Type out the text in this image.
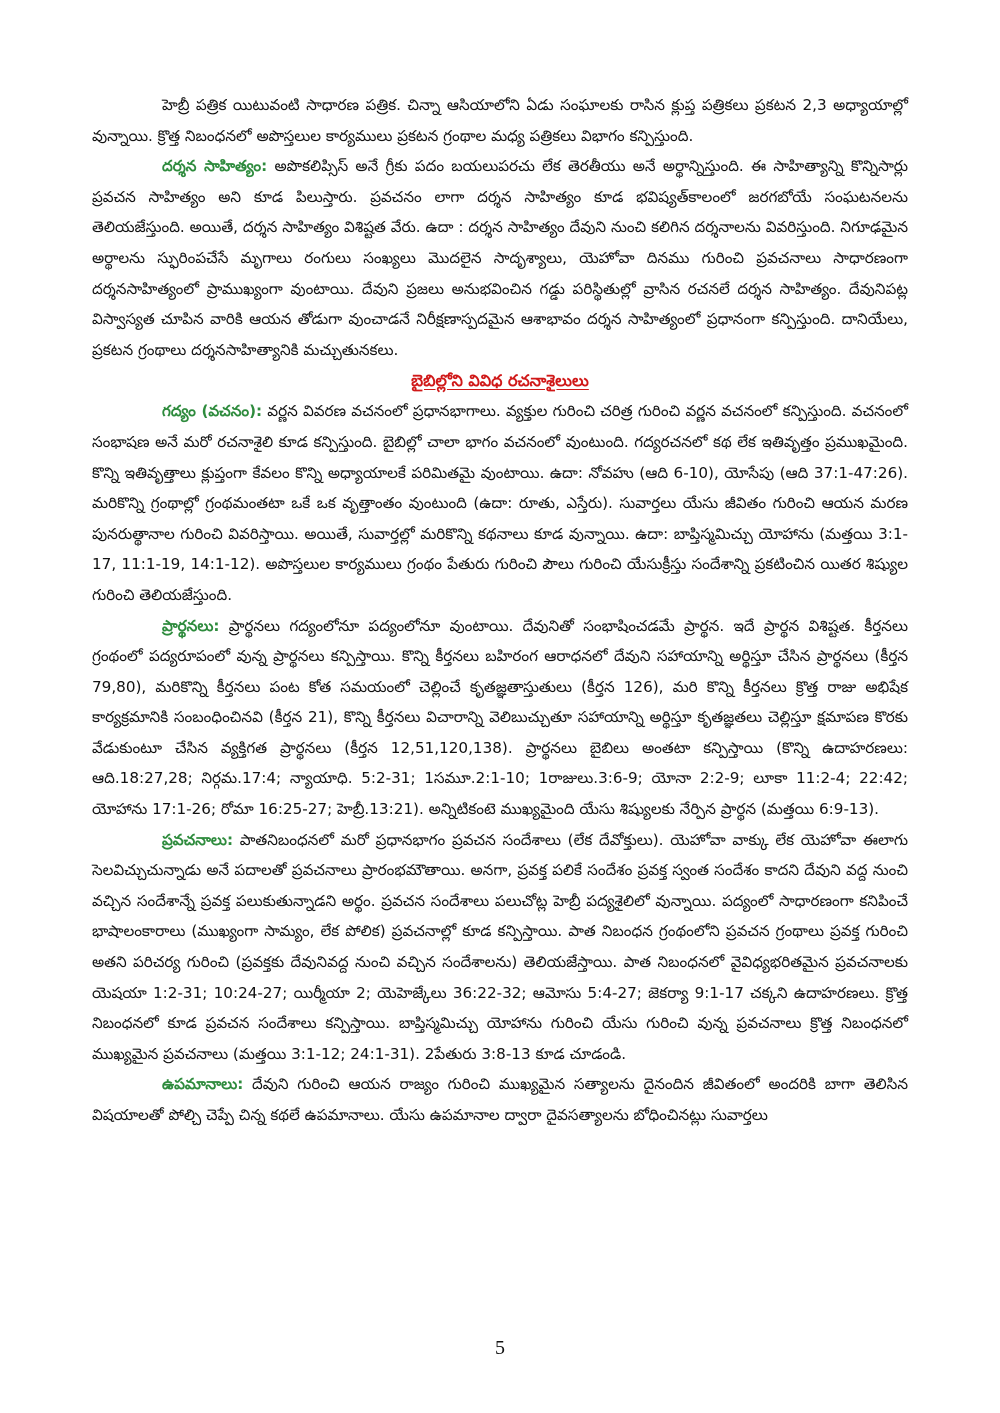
హెబ్రీ పత్రిక యిటువంటి సాధారణ పత్రిక. చిన్నా ఆసియాలోని ఏడు సంఘాలకు రాసిన క్లుప్త పత్రికలు ప్రకటన 2,3 అధ్యాయాల్లో వున్నాయి. క్రొత్త నిబంధనలో అపొస్తలుల కార్యములు ప్రకటన గ్రంథాల మధ్య పత్రికలు విభాగం కన్పిస్తుంది.

దర్శన సాహిత్యం: అపొకలిప్సిస్ అనే గ్రీకు పదం బయలుపరచు లేక తెరతీయు అనే అర్థాన్నిస్తుంది. ఈ సాహిత్యాన్ని కొన్నిసార్లు ప్రవచన సాహిత్యం అని కూడ పిలుస్తారు. ప్రవచనం లాగా దర్శన సాహిత్యం కూడ భవిష్యత్‌కాలంలో జరగబోయే సంఘటనలను తెలియజేస్తుంది. అయితే, దర్శన సాహిత్యం విశిష్టత వేరు. ఉదా : దర్శన సాహిత్యం దేవుని నుంచి కలిగిన దర్శనాలను వివరిస్తుంది. నిగూఢమైన అర్థాలను స్ఫురింపచేసే మృగాలు రంగులు సంఖ్యలు మొదలైన సాదృశ్యాలు, యెహోవా దినము గురించి ప్రవచనాలు సాధారణంగా దర్శనసాహిత్యంలో ప్రాముఖ్యంగా వుంటాయి. దేవుని ప్రజలు అనుభవించిన గడ్డు పరిస్థితుల్లో వ్రాసిన రచనలే దర్శన సాహిత్యం. దేవునిపట్ల విస్వాస్యత చూపిన వారికి ఆయన తోడుగా వుంచాడనే నిరీక్షణాస్పదమైన ఆశాభావం దర్శన సాహిత్యంలో ప్రధానంగా కన్పిస్తుంది. దానియేలు, ప్రకటన గ్రంథాలు దర్శనసాహిత్యానికి మచ్చుతునకలు.

బైబిల్లోని వివిధ రచనాశైలులు

గద్యం (వచనం): వర్ణన వివరణ వచనంలో ప్రధానభాగాలు. వ్యక్తుల గురించి చరిత్ర గురించి వర్ణన వచనంలో కన్పిస్తుంది. వచనంలో సంభాషణ అనే మరో రచనాశైలి కూడ కన్పిస్తుంది. బైబిల్లో చాలా భాగం వచనంలో వుంటుంది. గద్యరచనలో కథ లేక ఇతివృత్తం ప్రముఖమైంది. కొన్ని ఇతివృత్తాలు క్లుప్తంగా కేవలం కొన్ని అధ్యాయాలకే పరిమితమై వుంటాయి. ఉదా: నోవహు (ఆది 6-10), యోసేపు (ఆది 37:1-47:26). మరికొన్ని గ్రంథాల్లో గ్రంథమంతటా ఒకే ఒక వృత్తాంతం వుంటుంది (ఉదా: రూతు, ఎస్తేరు). సువార్తలు యేసు జీవితం గురించి ఆయన మరణ పునరుత్థానాల గురించి వివరిస్తాయి. అయితే, సువార్తల్లో మరికొన్ని కథనాలు కూడ వున్నాయి. ఉదా: బాప్తిస్మమిచ్చు యోహాను (మత్తయి 3:1-17, 11:1-19, 14:1-12). అపొస్తలుల కార్యములు గ్రంథం పేతురు గురించి పౌలు గురించి యేసుక్రీస్తు సందేశాన్ని ప్రకటించిన యితర శిష్యుల గురించి తెలియజేస్తుంది.

ప్రార్థనలు: ప్రార్థనలు గద్యంలోనూ పద్యంలోనూ వుంటాయి. దేవునితో సంభాషించడమే ప్రార్థన. ఇదే ప్రార్థన విశిష్టత. కీర్తనలు గ్రంథంలో పద్యరూపంలో వున్న ప్రార్థనలు కన్పిస్తాయి. కొన్ని కీర్తనలు బహిరంగ ఆరాధనలో దేవుని సహాయాన్ని అర్థిస్తూ చేసిన ప్రార్థనలు (కీర్తన 79,80), మరికొన్ని కీర్తనలు పంట కోత సమయంలో చెల్లించే కృతజ్ఞతాస్తుతులు (కీర్తన 126), మరి కొన్ని కీర్తనలు క్రొత్త రాజు అభిషేక కార్యక్రమానికి సంబంధించినవి (కీర్తన 21), కొన్ని కీర్తనలు విచారాన్ని వెలిబుచ్చుతూ సహాయాన్ని అర్థిస్తూ కృతజ్ఞతలు చెల్లిస్తూ క్షమాపణ కొరకు వేడుకుంటూ చేసిన వ్యక్తిగత ప్రార్థనలు (కీర్తన 12,51,120,138). ప్రార్థనలు బైబిలు అంతటా కన్పిస్తాయి (కొన్ని ఉదాహరణలు: ఆది.18:27,28; నిర్గమ.17:4; న్యాయాధి. 5:2-31; 1సమూ.2:1-10; 1రాజులు.3:6-9; యోనా 2:2-9; లూకా 11:2-4; 22:42; యోహాను 17:1-26; రోమా 16:25-27; హెబ్రీ.13:21). అన్నిటికంటె ముఖ్యమైంది యేసు శిష్యులకు నేర్పిన ప్రార్థన (మత్తయి 6:9-13).

ప్రవచనాలు: పాతనిబంధనలో మరో ప్రధానభాగం ప్రవచన సందేశాలు (లేక దేవోక్తులు). యెహోవా వాక్కు లేక యెహోవా ఈలాగు సెలవిచ్చుచున్నాడు అనే పదాలతో ప్రవచనాలు ప్రారంభమౌతాయి. అనగా, ప్రవక్త పలికే సందేశం ప్రవక్త స్వంత సందేశం కాదని దేవుని వద్ద నుంచి వచ్చిన సందేశాన్నే ప్రవక్త పలుకుతున్నాడని అర్థం. ప్రవచన సందేశాలు పలుచోట్ల హెబ్రీ పద్యశైలిలో వున్నాయి. పద్యంలో సాధారణంగా కనిపించే భాషాలంకారాలు (ముఖ్యంగా సామ్యం, లేక పోలిక) ప్రవచనాల్లో కూడ కన్పిస్తాయి. పాత నిబంధన గ్రంథంలోని ప్రవచన గ్రంథాలు ప్రవక్త గురించి అతని పరిచర్య గురించి (ప్రవక్తకు దేవునివద్ద నుంచి వచ్చిన సందేశాలను) తెలియజేస్తాయి. పాత నిబంధనలో వైవిధ్యభరితమైన ప్రవచనాలకు యెషయా 1:2-31; 10:24-27; యిర్మీయా 2; యెహెజ్కేలు 36:22-32; ఆమోసు 5:4-27; జెకర్యా 9:1-17 చక్కని ఉదాహరణలు. క్రొత్త నిబంధనలో కూడ ప్రవచన సందేశాలు కన్పిస్తాయి. బాప్తిస్మమిచ్చు యోహాను గురించి యేసు గురించి వున్న ప్రవచనాలు క్రొత్త నిబంధనలో ముఖ్యమైన ప్రవచనాలు (మత్తయి 3:1-12; 24:1-31). 2పేతురు 3:8-13 కూడ చూడండి.

ఉపమానాలు: దేవుని గురించి ఆయన రాజ్యం గురించి ముఖ్యమైన సత్యాలను దైనందిన జీవితంలో అందరికి బాగా తెలిసిన విషయాలతో పోల్చి చెప్పే చిన్న కథలే ఉపమానాలు. యేసు ఉపమానాల ద్వారా దైవసత్యాలను బోధించినట్లు సువార్తలు

5
